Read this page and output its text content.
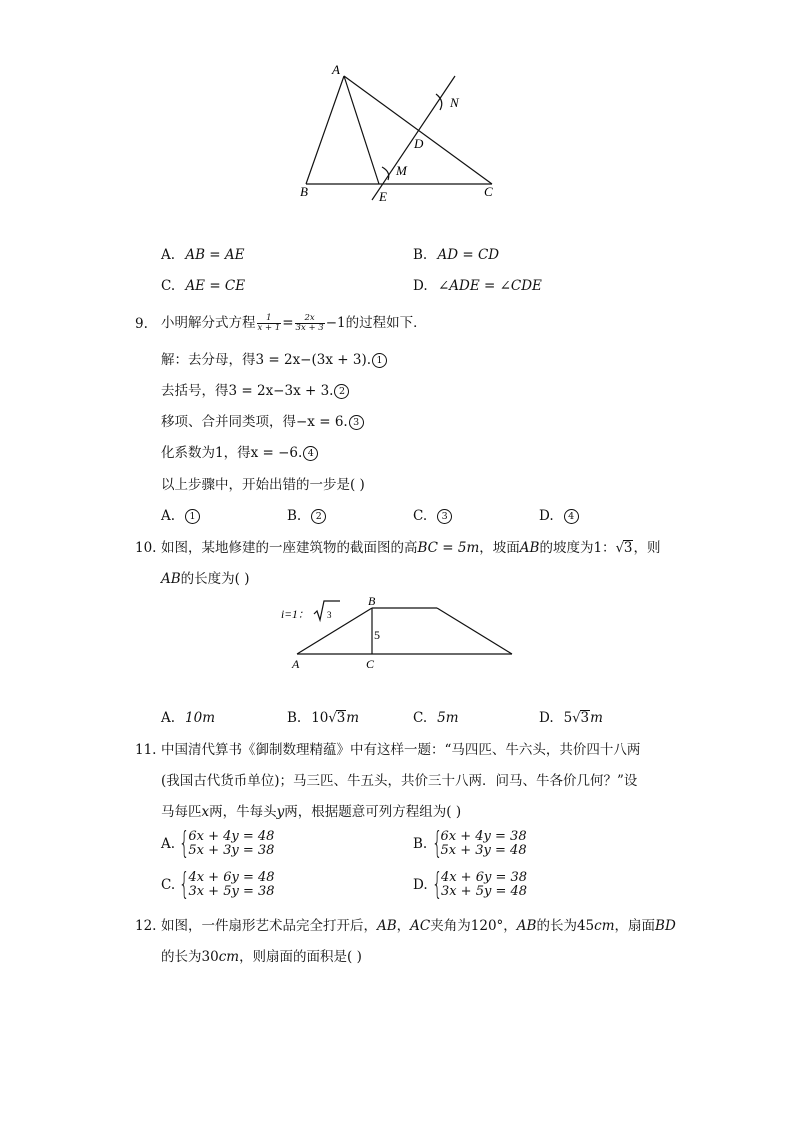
A
B	C
D
E
M
N
A. AB = AE	B. AD = CD
C. AE = CE	D. ∠ADE = ∠CDE
9. 小明解分式方程 $\frac{1}{x + 1} = \frac{2x}{3x + 3} -1$的过程如下．
解：去分母，得3 = 2x−(3x + 3). 1
去括号，得3 = 2x−3x + 3. 2
移项、合并同类项，得−x = 6. 3
化系数为1，得x = −6. 4
以上步骤中，开始出错的一步是( )
A. 1	B. 2	C. 3	D. 4
10. 如图，某地修建的一座建筑物的截面图的高BC = 5m，坡面AB的坡度为1：√3，则
AB的长度为( )
i=1： 3
5
B
A	C
A. 10m	B. 10√3m	C. 5m	D. 5√3m
11. 中国清代算书《御制数理精蕴》中有这样一题：“马四匹、牛六头，共价四十八两
(我国古代货币单位)；马三匹、牛五头，共价三十八两．问马、牛各价几何？”设
马每匹x两，牛每头y两，根据题意可列方程组为( )
A. {
6x + 4y = 48
5x + 3y = 38	B. {
6x + 4y = 38
5x + 3y = 48
C. {
4x + 6y = 48
3x + 5y = 38	D. {
4x + 6y = 38
3x + 5y = 48
12. 如图，一件扇形艺术品完全打开后，AB，AC夹角为120°，AB的长为45cm，扇面BD
的长为30cm，则扇面的面积是( )
